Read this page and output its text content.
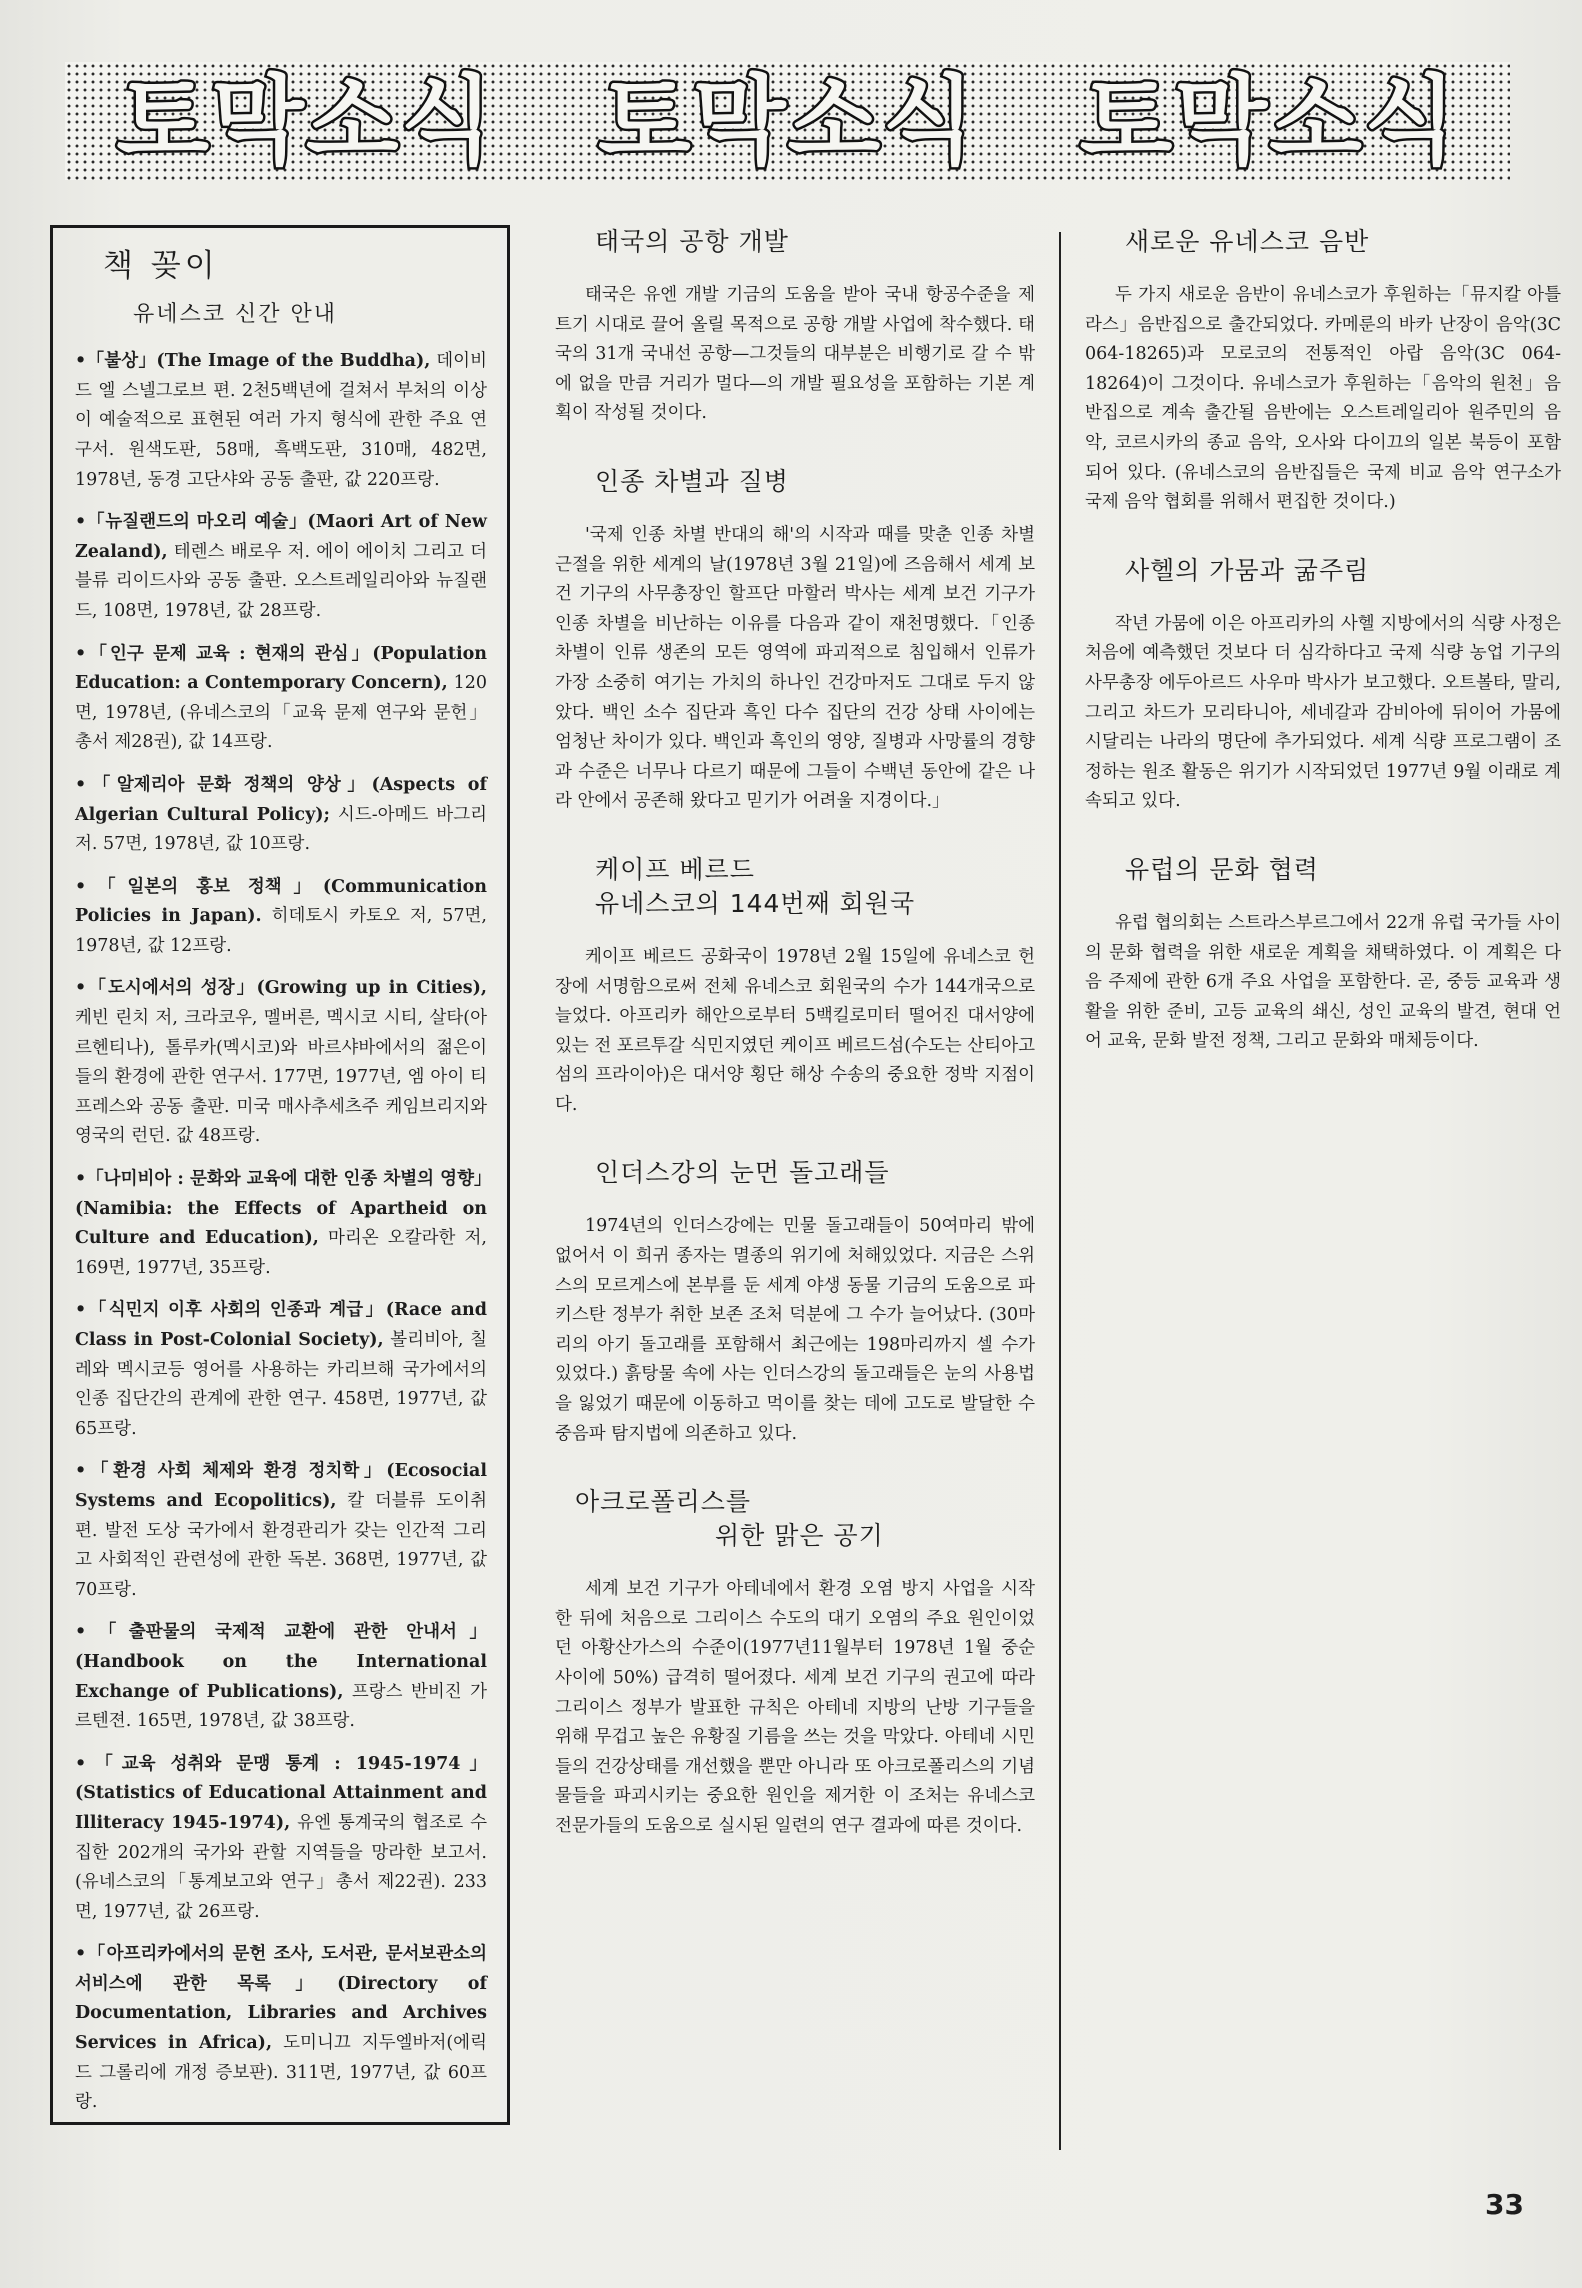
토막소식 토막소식 토막소식
책 꽂이
유네스코 신간 안내
•「불상」(The Image of the Buddha), 데이비드 엘 스넬그로브 편. 2천5백년에 걸쳐서 부처의 이상이 예술적으로 표현된 여러 가지 형식에 관한 주요 연구서. 원색도판, 58매, 흑백도판, 310매, 482면, 1978년, 동경 고단샤와 공동 출판, 값 220프랑.
•「뉴질랜드의 마오리 예술」(Maori Art of New Zealand), 테렌스 배로우 저. 에이 에이치 그리고 더블류 리이드사와 공동 출판. 오스트레일리아와 뉴질랜드, 108면, 1978년, 값 28프랑.
•「인구 문제 교육 : 현재의 관심」(Population Education: a Contemporary Concern), 120면, 1978년, (유네스코의「교육 문제 연구와 문헌」총서 제28권), 값 14프랑.
•「알제리아 문화 정책의 양상」(Aspects of Algerian Cultural Policy); 시드-아메드 바그리 저. 57면, 1978년, 값 10프랑.
•「일본의 홍보 정책」(Communication Policies in Japan). 히데토시 카토오 저, 57면, 1978년, 값 12프랑.
•「도시에서의 성장」(Growing up in Cities), 케빈 린치 저, 크라코우, 멜버른, 멕시코 시티, 살타(아르헨티나), 톨루카(멕시코)와 바르샤바에서의 젊은이들의 환경에 관한 연구서. 177면, 1977년, 엠 아이 티 프레스와 공동 출판. 미국 매사추세츠주 케임브리지와 영국의 런던. 값 48프랑.
•「나미비아 : 문화와 교육에 대한 인종 차별의 영향」(Namibia: the Effects of Apartheid on Culture and Education), 마리온 오칼라한 저, 169면, 1977년, 35프랑.
•「식민지 이후 사회의 인종과 계급」(Race and Class in Post-Colonial Society), 볼리비아, 칠레와 멕시코등 영어를 사용하는 카리브해 국가에서의 인종 집단간의 관계에 관한 연구. 458면, 1977년, 값 65프랑.
•「환경 사회 체제와 환경 정치학」(Ecosocial Systems and Ecopolitics), 칼 더블류 도이취 편. 발전 도상 국가에서 환경관리가 갖는 인간적 그리고 사회적인 관련성에 관한 독본. 368면, 1977년, 값 70프랑.
•「출판물의 국제적 교환에 관한 안내서」(Handbook on the International Exchange of Publications), 프랑스 반비진 가르텐젼. 165면, 1978년, 값 38프랑.
•「교육 성취와 문맹 통계 : 1945-1974」(Statistics of Educational Attainment and Illiteracy 1945-1974), 유엔 통계국의 협조로 수집한 202개의 국가와 관할 지역들을 망라한 보고서. (유네스코의「통계보고와 연구」총서 제22권). 233면, 1977년, 값 26프랑.
•「아프리카에서의 문헌 조사, 도서관, 문서보관소의 서비스에 관한 목록」(Directory of Documentation, Libraries and Archives Services in Africa), 도미니끄 지두엘바저(에릭 드 그롤리에 개정 증보판). 311면, 1977년, 값 60프랑.
태국의 공항 개발
태국은 유엔 개발 기금의 도움을 받아 국내 항공수준을 제트기 시대로 끌어 올릴 목적으로 공항 개발 사업에 착수했다. 태국의 31개 국내선 공항—그것들의 대부분은 비행기로 갈 수 밖에 없을 만큼 거리가 멀다—의 개발 필요성을 포함하는 기본 계획이 작성될 것이다.
인종 차별과 질병
'국제 인종 차별 반대의 해'의 시작과 때를 맞춘 인종 차별 근절을 위한 세계의 날(1978년 3월 21일)에 즈음해서 세계 보건 기구의 사무총장인 할프단 마할러 박사는 세계 보건 기구가 인종 차별을 비난하는 이유를 다음과 같이 재천명했다.「인종 차별이 인류 생존의 모든 영역에 파괴적으로 침입해서 인류가 가장 소중히 여기는 가치의 하나인 건강마저도 그대로 두지 않았다. 백인 소수 집단과 흑인 다수 집단의 건강 상태 사이에는 엄청난 차이가 있다. 백인과 흑인의 영양, 질병과 사망률의 경향과 수준은 너무나 다르기 때문에 그들이 수백년 동안에 같은 나라 안에서 공존해 왔다고 믿기가 어려울 지경이다.」
케이프 베르드
유네스코의 144번째 회원국
케이프 베르드 공화국이 1978년 2월 15일에 유네스코 헌장에 서명함으로써 전체 유네스코 회원국의 수가 144개국으로 늘었다. 아프리카 해안으로부터 5백킬로미터 떨어진 대서양에 있는 전 포르투갈 식민지였던 케이프 베르드섬(수도는 산티아고섬의 프라이아)은 대서양 횡단 해상 수송의 중요한 정박 지점이다.
인더스강의 눈먼 돌고래들
1974년의 인더스강에는 민물 돌고래들이 50여마리 밖에 없어서 이 희귀 종자는 멸종의 위기에 처해있었다. 지금은 스위스의 모르게스에 본부를 둔 세계 야생 동물 기금의 도움으로 파키스탄 정부가 취한 보존 조처 덕분에 그 수가 늘어났다. (30마리의 아기 돌고래를 포함해서 최근에는 198마리까지 셀 수가 있었다.) 흙탕물 속에 사는 인더스강의 돌고래들은 눈의 사용법을 잃었기 때문에 이동하고 먹이를 찾는 데에 고도로 발달한 수중음파 탐지법에 의존하고 있다.
아크로폴리스를
위한 맑은 공기
세계 보건 기구가 아테네에서 환경 오염 방지 사업을 시작한 뒤에 처음으로 그리이스 수도의 대기 오염의 주요 원인이었던 아황산가스의 수준이(1977년11월부터 1978년 1월 중순 사이에 50%) 급격히 떨어졌다. 세계 보건 기구의 권고에 따라 그리이스 정부가 발표한 규칙은 아테네 지방의 난방 기구들을 위해 무겁고 높은 유황질 기름을 쓰는 것을 막았다. 아테네 시민들의 건강상태를 개선했을 뿐만 아니라 또 아크로폴리스의 기념물들을 파괴시키는 중요한 원인을 제거한 이 조처는 유네스코 전문가들의 도움으로 실시된 일련의 연구 결과에 따른 것이다.
새로운 유네스코 음반
두 가지 새로운 음반이 유네스코가 후원하는「뮤지칼 아틀라스」음반집으로 출간되었다. 카메룬의 바카 난장이 음악(3C 064-18265)과 모로코의 전통적인 아랍 음악(3C 064-18264)이 그것이다. 유네스코가 후원하는「음악의 원천」음반집으로 계속 출간될 음반에는 오스트레일리아 원주민의 음악, 코르시카의 종교 음악, 오사와 다이끄의 일본 북등이 포함되어 있다. (유네스코의 음반집들은 국제 비교 음악 연구소가 국제 음악 협회를 위해서 편집한 것이다.)
사헬의 가뭄과 굶주림
작년 가뭄에 이은 아프리카의 사헬 지방에서의 식량 사정은 처음에 예측했던 것보다 더 심각하다고 국제 식량 농업 기구의 사무총장 에두아르드 사우마 박사가 보고했다. 오트볼타, 말리, 그리고 차드가 모리타니아, 세네갈과 감비아에 뒤이어 가뭄에 시달리는 나라의 명단에 추가되었다. 세계 식량 프로그램이 조정하는 원조 활동은 위기가 시작되었던 1977년 9월 이래로 계속되고 있다.
유럽의 문화 협력
유럽 협의회는 스트라스부르그에서 22개 유럽 국가들 사이의 문화 협력을 위한 새로운 계획을 채택하였다. 이 계획은 다음 주제에 관한 6개 주요 사업을 포함한다. 곧, 중등 교육과 생활을 위한 준비, 고등 교육의 쇄신, 성인 교육의 발견, 현대 언어 교육, 문화 발전 정책, 그리고 문화와 매체등이다.
33
